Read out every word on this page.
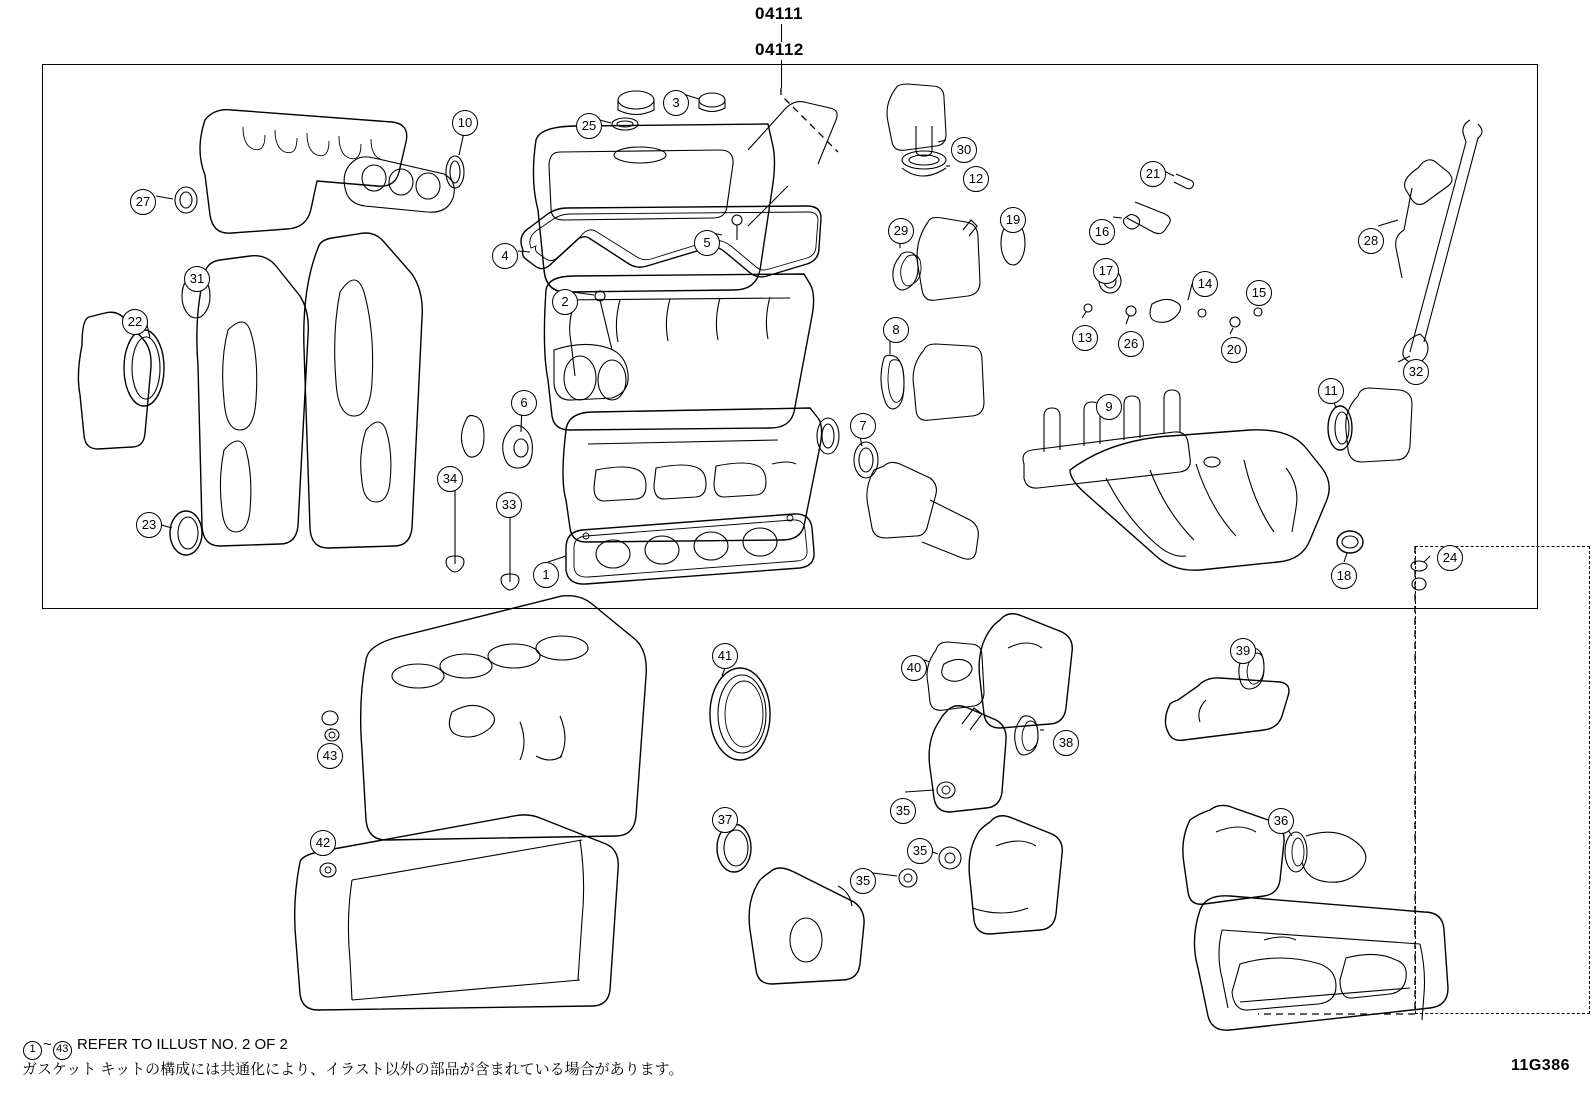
04111
04112
10
3
25
30
21
27
12
16
19
28
29
4
5
17
14
15
31
2
22
13	26	20
8
32
9
6
11
7
34
33
23
1	18
24
41
40
39
43
38
37
35
35
35
36
42
1 ~ 43 REFER TO ILLUST NO. 2 OF 2
ガスケット キットの構成には共通化により、イラスト以外の部品が含まれている場合があります。	11G386
